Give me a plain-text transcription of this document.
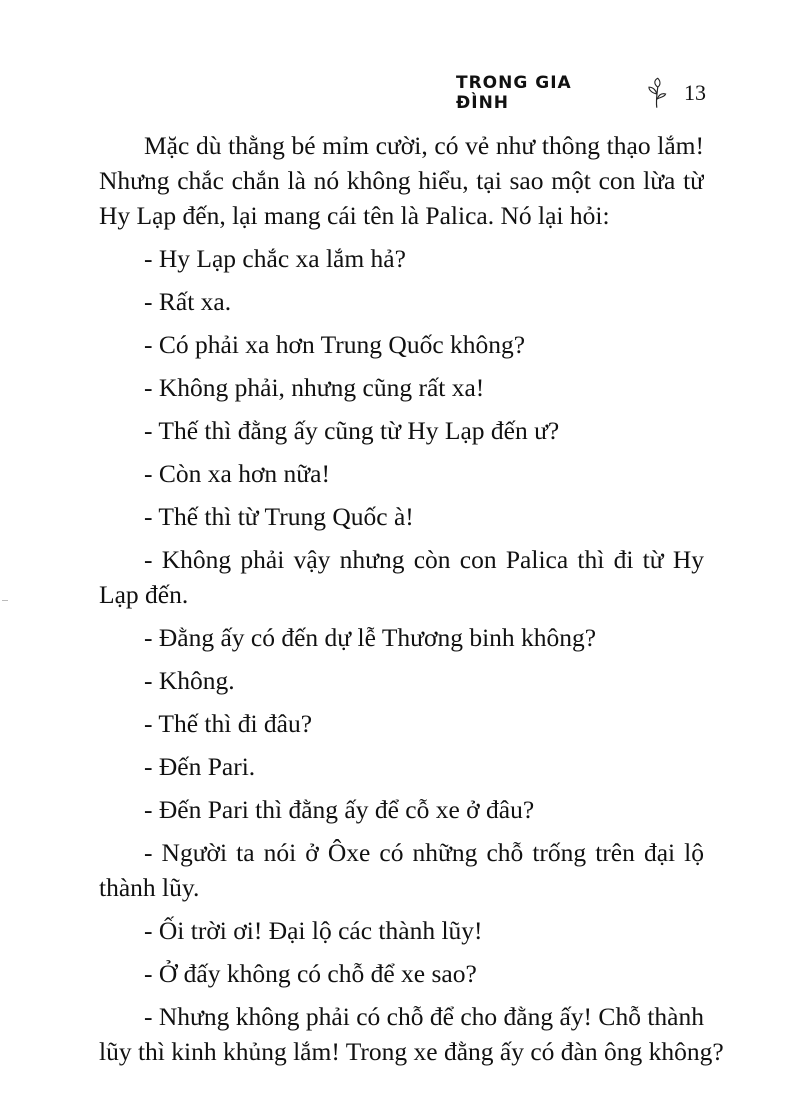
TRONG GIA ĐÌNH	13
Mặc dù thằng bé mỉm cười, có vẻ như thông thạo lắm!
Nhưng chắc chắn là nó không hiểu, tại sao một con lừa từ
Hy Lạp đến, lại mang cái tên là Palica. Nó lại hỏi:
- Hy Lạp chắc xa lắm hả?
- Rất xa.
- Có phải xa hơn Trung Quốc không?
- Không phải, nhưng cũng rất xa!
- Thế thì đằng ấy cũng từ Hy Lạp đến ư?
- Còn xa hơn nữa!
- Thế thì từ Trung Quốc à!
- Không phải vậy nhưng còn con Palica thì đi từ Hy
Lạp đến.
- Đằng ấy có đến dự lễ Thương binh không?
- Không.
- Thế thì đi đâu?
- Đến Pari.
- Đến Pari thì đằng ấy để cỗ xe ở đâu?
- Người ta nói ở Ôxe có những chỗ trống trên đại lộ
thành lũy.
- Ối trời ơi! Đại lộ các thành lũy!
- Ở đấy không có chỗ để xe sao?
- Nhưng không phải có chỗ để cho đằng ấy! Chỗ thành
lũy thì kinh khủng lắm! Trong xe đằng ấy có đàn ông không?
